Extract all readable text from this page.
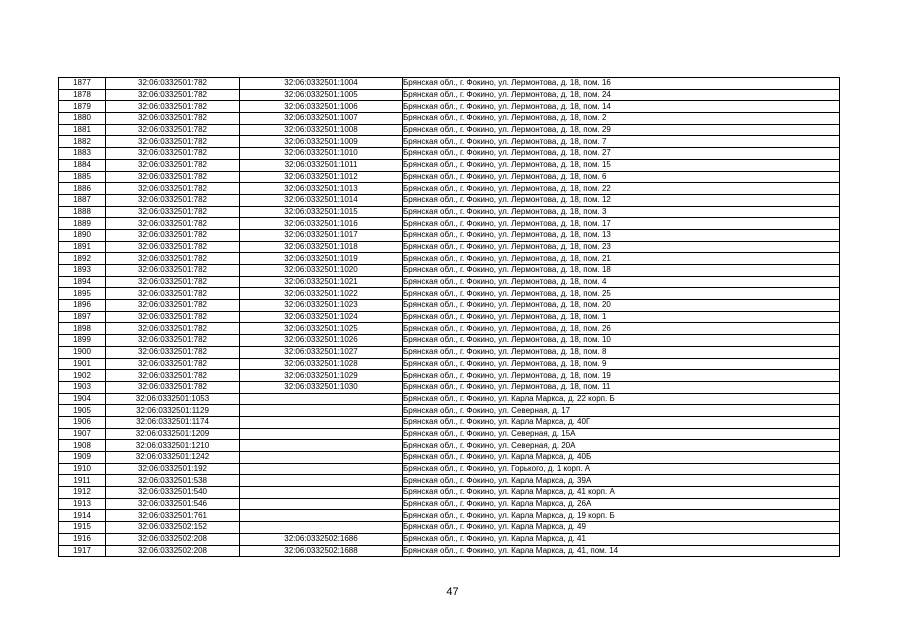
1877	32:06:0332501:782	32:06:0332501:1004	Брянская обл., г. Фокино, ул. Лермонтова, д. 18, пом. 16
1878	32:06:0332501:782	32:06:0332501:1005	Брянская обл., г. Фокино, ул. Лермонтова, д. 18, пом. 24
1879	32:06:0332501:782	32:06:0332501:1006	Брянская обл., г. Фокино, ул. Лермонтова, д. 18, пом. 14
1880	32:06:0332501:782	32:06:0332501:1007	Брянская обл., г. Фокино, ул. Лермонтова, д. 18, пом. 2
1881	32:06:0332501:782	32:06:0332501:1008	Брянская обл., г. Фокино, ул. Лермонтова, д. 18, пом. 29
1882	32:06:0332501:782	32:06:0332501:1009	Брянская обл., г. Фокино, ул. Лермонтова, д. 18, пом. 7
1883	32:06:0332501:782	32:06:0332501:1010	Брянская обл., г. Фокино, ул. Лермонтова, д. 18, пом. 27
1884	32:06:0332501:782	32:06:0332501:1011	Брянская обл., г. Фокино, ул. Лермонтова, д. 18, пом. 15
1885	32:06:0332501:782	32:06:0332501:1012	Брянская обл., г. Фокино, ул. Лермонтова, д. 18, пом. 6
1886	32:06:0332501:782	32:06:0332501:1013	Брянская обл., г. Фокино, ул. Лермонтова, д. 18, пом. 22
1887	32:06:0332501:782	32:06:0332501:1014	Брянская обл., г. Фокино, ул. Лермонтова, д. 18, пом. 12
1888	32:06:0332501:782	32:06:0332501:1015	Брянская обл., г. Фокино, ул. Лермонтова, д. 18, пом. 3
1889	32:06:0332501:782	32:06:0332501:1016	Брянская обл., г. Фокино, ул. Лермонтова, д. 18, пом. 17
1890	32:06:0332501:782	32:06:0332501:1017	Брянская обл., г. Фокино, ул. Лермонтова, д. 18, пом. 13
1891	32:06:0332501:782	32:06:0332501:1018	Брянская обл., г. Фокино, ул. Лермонтова, д. 18, пом. 23
1892	32:06:0332501:782	32:06:0332501:1019	Брянская обл., г. Фокино, ул. Лермонтова, д. 18, пом. 21
1893	32:06:0332501:782	32:06:0332501:1020	Брянская обл., г. Фокино, ул. Лермонтова, д. 18, пом. 18
1894	32:06:0332501:782	32:06:0332501:1021	Брянская обл., г. Фокино, ул. Лермонтова, д. 18, пом. 4
1895	32:06:0332501:782	32:06:0332501:1022	Брянская обл., г. Фокино, ул. Лермонтова, д. 18, пом. 25
1896	32:06:0332501:782	32:06:0332501:1023	Брянская обл., г. Фокино, ул. Лермонтова, д. 18, пом. 20
1897	32:06:0332501:782	32:06:0332501:1024	Брянская обл., г. Фокино, ул. Лермонтова, д. 18, пом. 1
1898	32:06:0332501:782	32:06:0332501:1025	Брянская обл., г. Фокино, ул. Лермонтова, д. 18, пом. 26
1899	32:06:0332501:782	32:06:0332501:1026	Брянская обл., г. Фокино, ул. Лермонтова, д. 18, пом. 10
1900	32:06:0332501:782	32:06:0332501:1027	Брянская обл., г. Фокино, ул. Лермонтова, д. 18, пом. 8
1901	32:06:0332501:782	32:06:0332501:1028	Брянская обл., г. Фокино, ул. Лермонтова, д. 18, пом. 9
1902	32:06:0332501:782	32:06:0332501:1029	Брянская обл., г. Фокино, ул. Лермонтова, д. 18, пом. 19
1903	32:06:0332501:782	32:06:0332501:1030	Брянская обл., г. Фокино, ул. Лермонтова, д. 18, пом. 11
1904	32:06:0332501:1053		Брянская обл., г. Фокино, ул. Карла Маркса, д. 22 корп. Б
1905	32:06:0332501:1129		Брянская обл., г. Фокино, ул. Северная, д. 17
1906	32:06:0332501:1174		Брянская обл., г. Фокино, ул. Карла Маркса, д. 40Г
1907	32:06:0332501:1209		Брянская обл., г. Фокино, ул. Северная, д. 15А
1908	32:06:0332501:1210		Брянская обл., г. Фокино, ул. Северная, д. 20А
1909	32:06:0332501:1242		Брянская обл., г. Фокино, ул. Карла Маркса, д. 40Б
1910	32:06:0332501:192		Брянская обл., г. Фокино, ул. Горького, д. 1 корп. А
1911	32:06:0332501:538		Брянская обл., г. Фокино, ул. Карла Маркса, д. 39А
1912	32:06:0332501:540		Брянская обл., г. Фокино, ул. Карла Маркса, д. 41 корп. А
1913	32:06:0332501:546		Брянская обл., г. Фокино, ул. Карла Маркса, д. 26А
1914	32:06:0332501:761		Брянская обл., г. Фокино, ул. Карла Маркса, д. 19 корп. Б
1915	32:06:0332502:152		Брянская обл., г. Фокино, ул. Карла Маркса, д. 49
1916	32:06:0332502:208	32:06:0332502:1686	Брянская обл., г. Фокино, ул. Карла Маркса, д. 41
1917	32:06:0332502:208	32:06:0332502:1688	Брянская обл., г. Фокино, ул. Карла Маркса, д. 41, пом. 14
47
